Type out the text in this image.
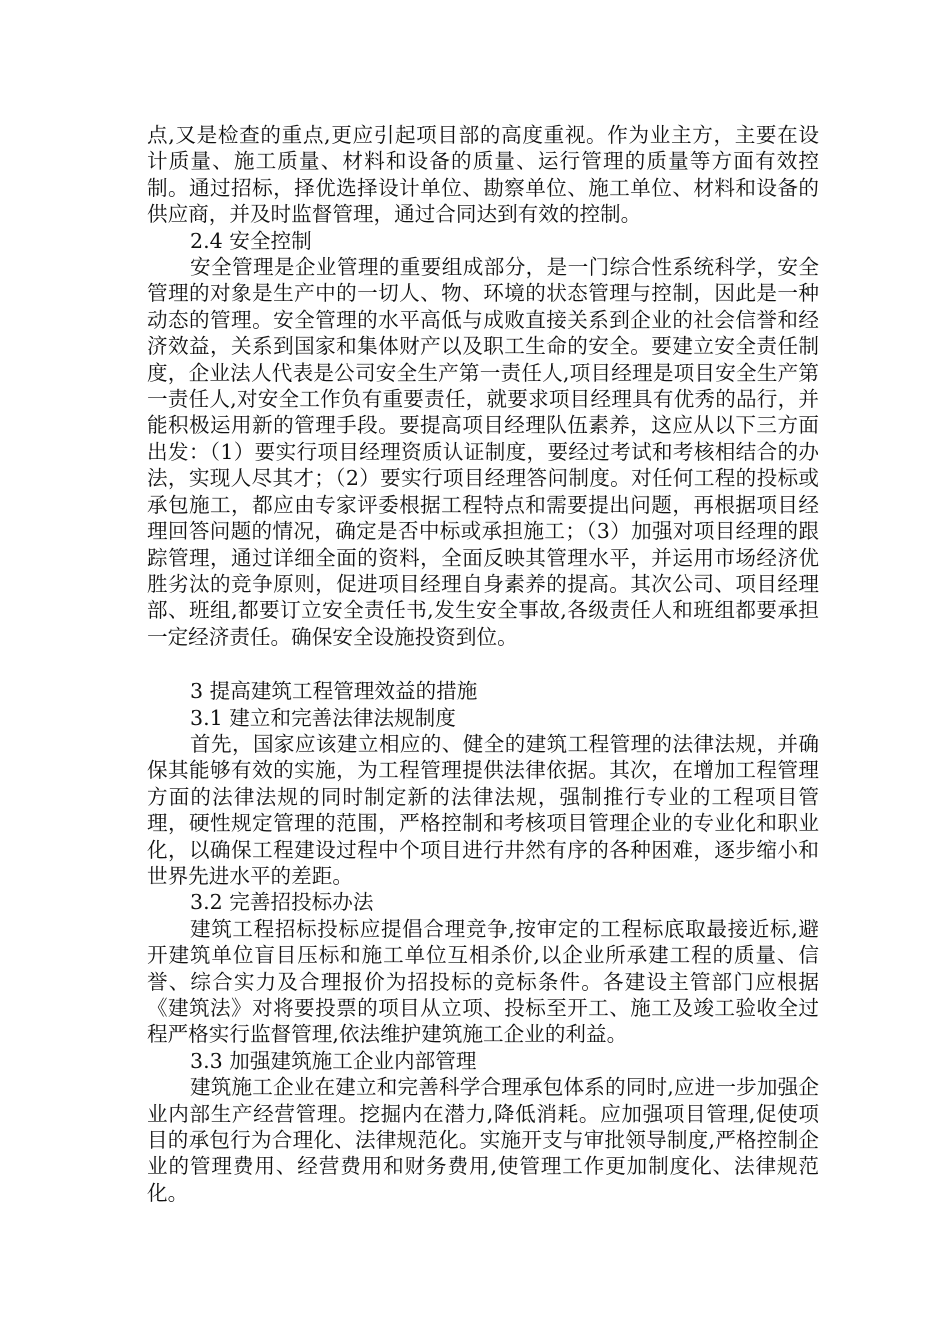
点,又是检查的重点,更应引起项目部的高度重视。作为业主方，主要在设计质量、施工质量、材料和设备的质量、运行管理的质量等方面有效控制。通过招标，择优选择设计单位、勘察单位、施工单位、材料和设备的供应商，并及时监督管理，通过合同达到有效的控制。

2.4 安全控制

安全管理是企业管理的重要组成部分，是一门综合性系统科学，安全管理的对象是生产中的一切人、物、环境的状态管理与控制，因此是一种动态的管理。安全管理的水平高低与成败直接关系到企业的社会信誉和经济效益，关系到国家和集体财产以及职工生命的安全。要建立安全责任制度，企业法人代表是公司安全生产第一责任人,项目经理是项目安全生产第一责任人,对安全工作负有重要责任，就要求项目经理具有优秀的品行，并能积极运用新的管理手段。要提高项目经理队伍素养，这应从以下三方面出发：（1）要实行项目经理资质认证制度，要经过考试和考核相结合的办法，实现人尽其才；（2）要实行项目经理答问制度。对任何工程的投标或承包施工，都应由专家评委根据工程特点和需要提出问题，再根据项目经理回答问题的情况，确定是否中标或承担施工；（3）加强对项目经理的跟踪管理，通过详细全面的资料，全面反映其管理水平，并运用市场经济优胜劣汰的竞争原则，促进项目经理自身素养的提高。其次公司、项目经理部、班组,都要订立安全责任书,发生安全事故,各级责任人和班组都要承担一定经济责任。确保安全设施投资到位。

3 提高建筑工程管理效益的措施

3.1 建立和完善法律法规制度

首先，国家应该建立相应的、健全的建筑工程管理的法律法规，并确保其能够有效的实施，为工程管理提供法律依据。其次，在增加工程管理方面的法律法规的同时制定新的法律法规，强制推行专业的工程项目管理，硬性规定管理的范围，严格控制和考核项目管理企业的专业化和职业化，以确保工程建设过程中个项目进行井然有序的各种困难，逐步缩小和世界先进水平的差距。

3.2 完善招投标办法

建筑工程招标投标应提倡合理竞争,按审定的工程标底取最接近标,避开建筑单位盲目压标和施工单位互相杀价,以企业所承建工程的质量、信誉、综合实力及合理报价为招投标的竞标条件。各建设主管部门应根据《建筑法》对将要投票的项目从立项、投标至开工、施工及竣工验收全过程严格实行监督管理,依法维护建筑施工企业的利益。

3.3 加强建筑施工企业内部管理

建筑施工企业在建立和完善科学合理承包体系的同时,应进一步加强企业内部生产经营管理。挖掘内在潜力,降低消耗。应加强项目管理,促使项目的承包行为合理化、法律规范化。实施开支与审批领导制度,严格控制企业的管理费用、经营费用和财务费用,使管理工作更加制度化、法律规范化。
